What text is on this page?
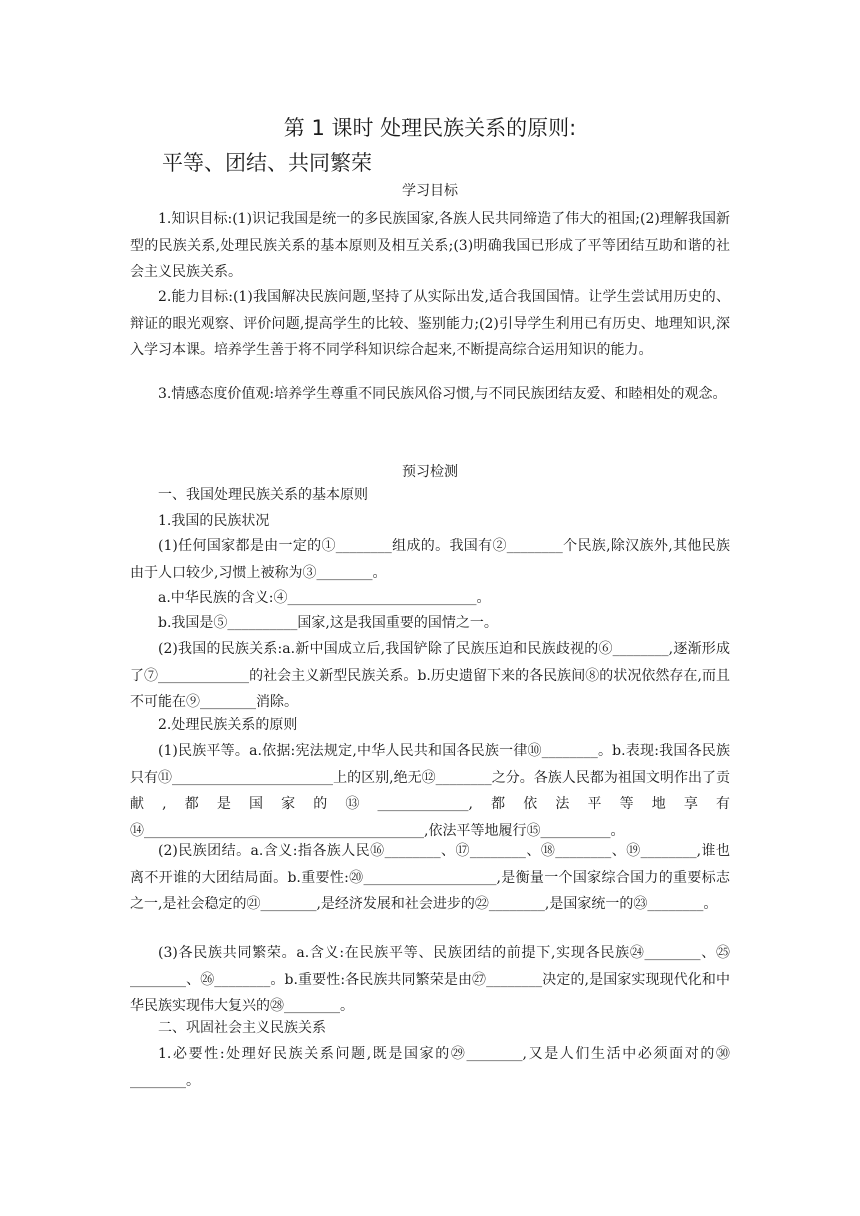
第 1 课时 处理民族关系的原则:
平等、团结、共同繁荣
学习目标

1.知识目标:(1)识记我国是统一的多民族国家,各族人民共同缔造了伟大的祖国;(2)理解我国新型的民族关系,处理民族关系的基本原则及相互关系;(3)明确我国已形成了平等团结互助和谐的社会主义民族关系。

2.能力目标:(1)我国解决民族问题,坚持了从实际出发,适合我国国情。让学生尝试用历史的、辩证的眼光观察、评价问题,提高学生的比较、鉴别能力;(2)引导学生利用已有历史、地理知识,深入学习本课。培养学生善于将不同学科知识综合起来,不断提高综合运用知识的能力。

3.情感态度价值观:培养学生尊重不同民族风俗习惯,与不同民族团结友爱、和睦相处的观念。

预习检测

一、我国处理民族关系的基本原则

1.我国的民族状况

(1)任何国家都是由一定的①________组成的。我国有②________个民族,除汉族外,其他民族由于人口较少,习惯上被称为③________。

a.中华民族的含义:④___________________________。

b.我国是⑤__________国家,这是我国重要的国情之一。

(2)我国的民族关系:a.新中国成立后,我国铲除了民族压迫和民族歧视的⑥________,逐渐形成了⑦_____________的社会主义新型民族关系。b.历史遗留下来的各民族间⑧的状况依然存在,而且不可能在⑨________消除。

2.处理民族关系的原则

(1)民族平等。a.依据:宪法规定,中华人民共和国各民族一律⑩________。b.表现:我国各民族只有⑪_______________________上的区别,绝无⑫________之分。各族人民都为祖国文明作出了贡献,都是国家的⑬_____________,都依法平等地享有⑭________________________________________,依法平等地履行⑮__________。

(2)民族团结。a.含义:指各族人民⑯________、⑰________、⑱________、⑲________,谁也离不开谁的大团结局面。b.重要性:⑳___________________,是衡量一个国家综合国力的重要标志之一,是社会稳定的㉑________,是经济发展和社会进步的㉒________,是国家统一的㉓________。

(3)各民族共同繁荣。a.含义:在民族平等、民族团结的前提下,实现各民族㉔________、㉕________、㉖________。b.重要性:各民族共同繁荣是由㉗________决定的,是国家实现现代化和中华民族实现伟大复兴的㉘________。

二、巩固社会主义民族关系

1.必要性:处理好民族关系问题,既是国家的㉙________,又是人们生活中必须面对的㉚________。
